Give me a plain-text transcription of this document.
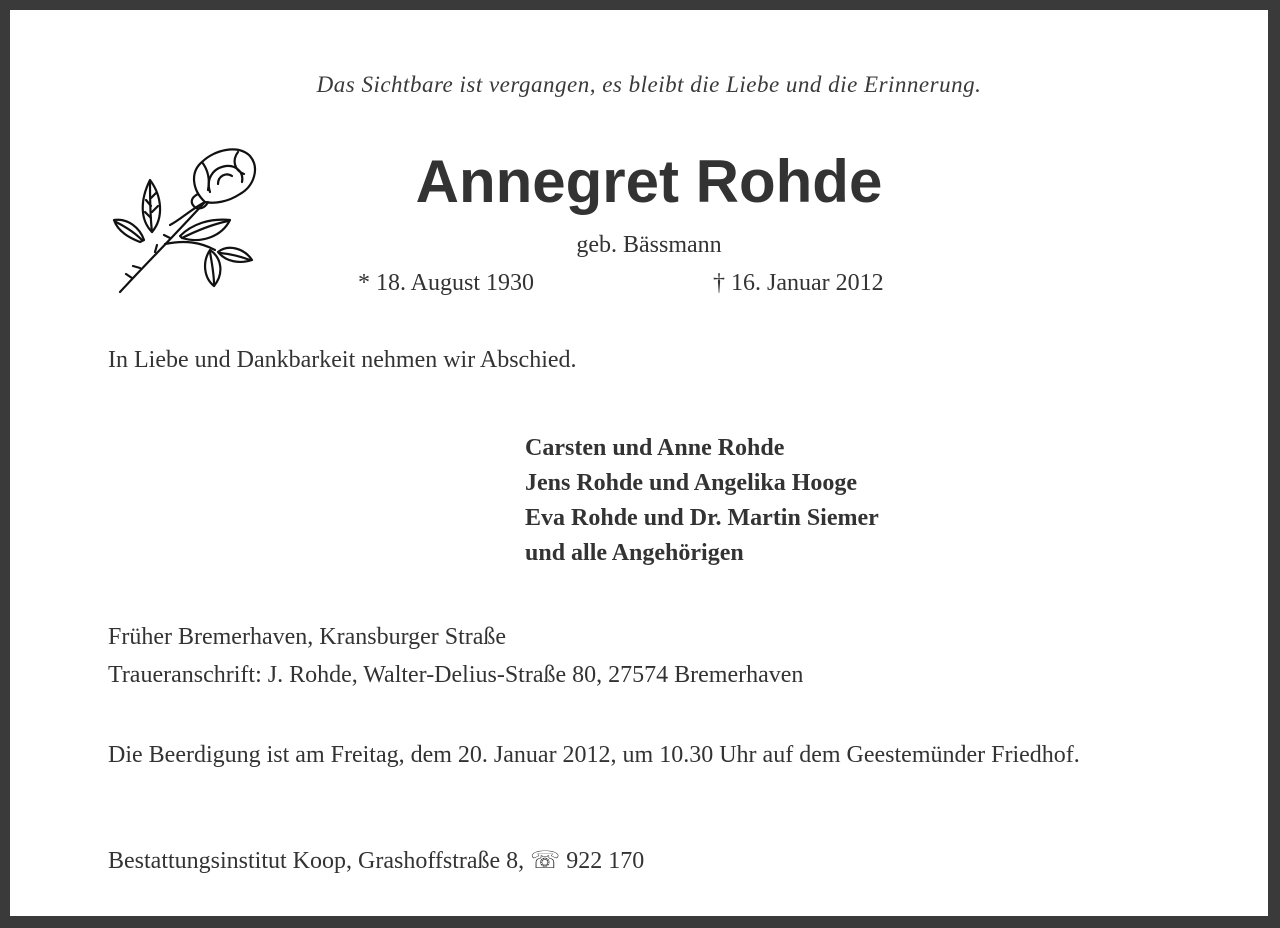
Das Sichtbare ist vergangen, es bleibt die Liebe und die Erinnerung.
Annegret Rohde
geb. Bässmann
* 18. August 1930	† 16. Januar 2012
In Liebe und Dankbarkeit nehmen wir Abschied.
Carsten und Anne Rohde
Jens Rohde und Angelika Hooge
Eva Rohde und Dr. Martin Siemer
und alle Angehörigen
Früher Bremerhaven, Kransburger Straße
Traueranschrift: J. Rohde, Walter-Delius-Straße 80, 27574 Bremerhaven
Die Beerdigung ist am Freitag, dem 20. Januar 2012, um 10.30 Uhr auf dem Geestemünder Friedhof.
Bestattungsinstitut Koop, Grashoffstraße 8, ☏ 922 170
